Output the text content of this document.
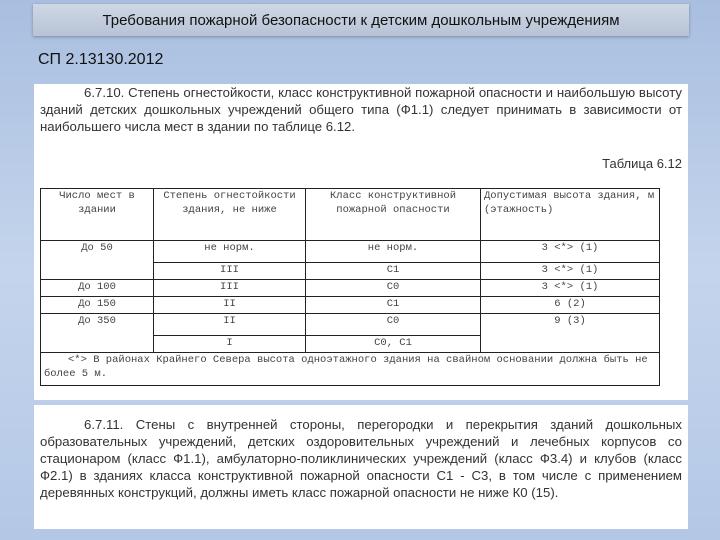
Требования пожарной безопасности к детским дошкольным учреждениям
СП 2.13130.2012
6.7.10. Степень огнестойкости, класс конструктивной пожарной опасности и наибольшую высоту зданий детских дошкольных учреждений общего типа (Ф1.1) следует принимать в зависимости от наибольшего числа мест в здании по таблице 6.12.
Таблица 6.12
Число мест в здании	Степень огнестойкости здания, не ниже	Класс конструктивной пожарной опасности	Допустимая высота здания, м (этажность)
До 50	не норм.	не норм.	3 <*> (1)
	III	С1	3 <*> (1)
До 100	III	С0	3 <*> (1)
До 150	II	С1	6 (2)
До 350	II	С0	9 (3)
	I	С0, С1	
<*> В районах Крайнего Севера высота одноэтажного здания на свайном основании должна быть не более 5 м.			
6.7.11. Стены с внутренней стороны, перегородки и перекрытия зданий дошкольных образовательных учреждений, детских оздоровительных учреждений и лечебных корпусов со стационаром (класс Ф1.1), амбулаторно-поликлинических учреждений (класс Ф3.4) и клубов (класс Ф2.1) в зданиях класса конструктивной пожарной опасности С1 - С3, в том числе с применением деревянных конструкций, должны иметь класс пожарной опасности не ниже К0 (15).
